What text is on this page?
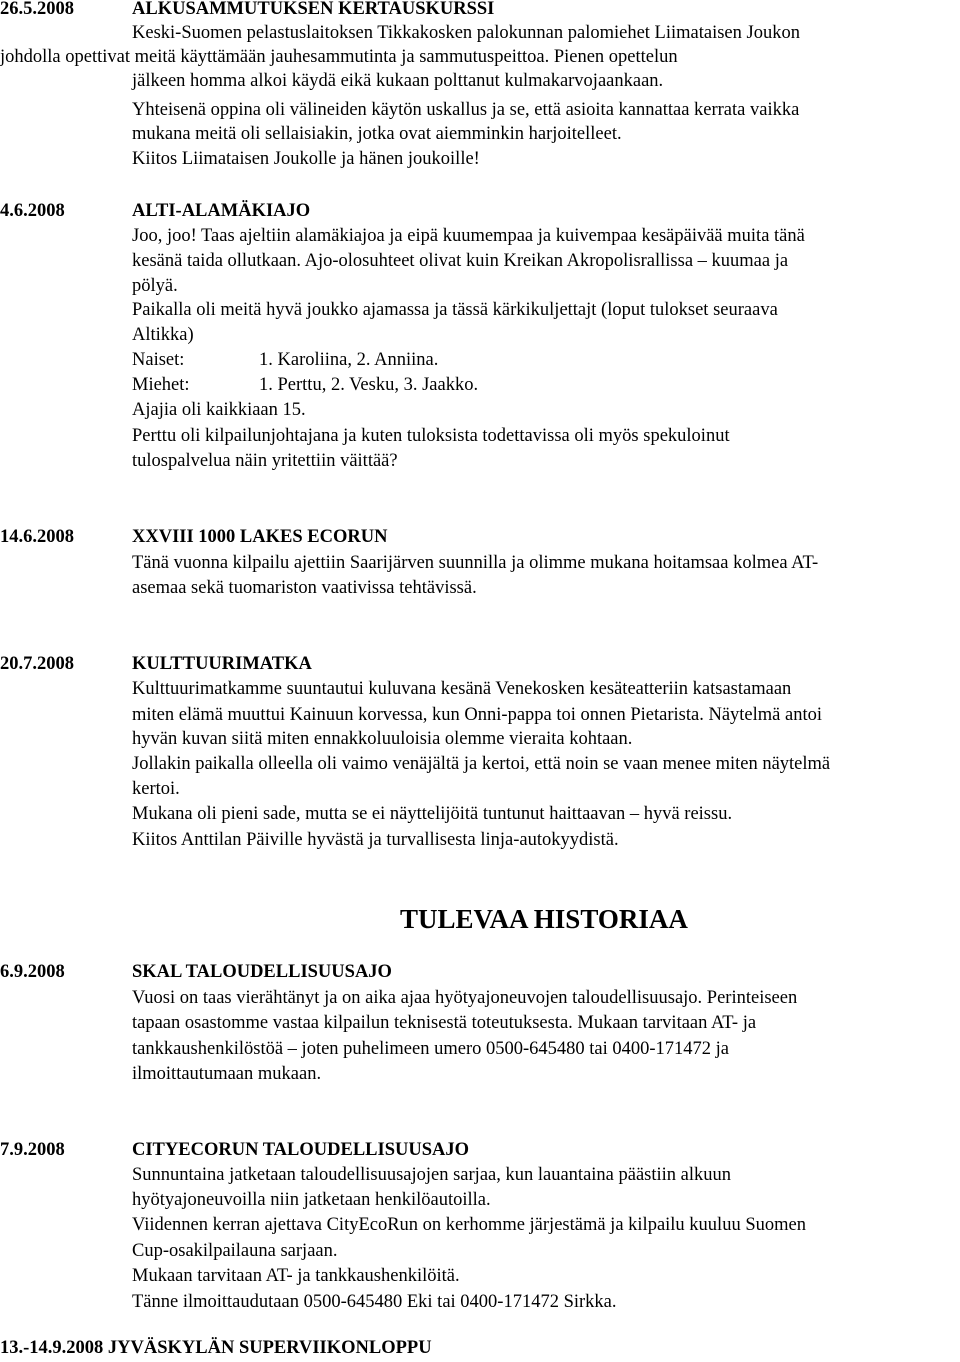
26.5.2008	ALKUSAMMUTUKSEN KERTAUSKURSSI
Keski-Suomen pelastuslaitoksen Tikkakosken palokunnan palomiehet Liimataisen Joukon
johdolla opettivat meitä käyttämään jauhesammutinta ja sammutuspeittoa. Pienen opettelun
jälkeen homma alkoi käydä eikä kukaan polttanut kulmakarvojaankaan.
Yhteisenä oppina oli välineiden käytön uskallus ja se, että asioita kannattaa kerrata vaikka
mukana meitä oli sellaisiakin, jotka ovat aiemminkin harjoitelleet.
Kiitos Liimataisen Joukolle ja hänen joukoille!
4.6.2008	ALTI-ALAMÄKIAJO
Joo, joo! Taas ajeltiin alamäkiajoa ja eipä kuumempaa ja kuivempaa kesäpäivää muita tänä
kesänä taida ollutkaan. Ajo-olosuhteet olivat kuin Kreikan Akropolisrallissa – kuumaa ja
pölyä.
Paikalla oli meitä hyvä joukko ajamassa ja tässä kärkikuljettajt (loput tulokset seuraava
Altikka)
Naiset:	1. Karoliina, 2. Anniina.
Miehet:	1. Perttu, 2. Vesku, 3. Jaakko.
Ajajia oli kaikkiaan 15.
Perttu oli kilpailunjohtajana ja kuten tuloksista todettavissa oli myös spekuloinut
tulospalvelua näin yritettiin väittää?
14.6.2008	XXVIII 1000 LAKES ECORUN
Tänä vuonna kilpailu ajettiin Saarijärven suunnilla ja olimme mukana hoitamsaa kolmea AT-
asemaa sekä tuomariston vaativissa tehtävissä.
20.7.2008	KULTTUURIMATKA
Kulttuurimatkamme suuntautui kuluvana kesänä Venekosken kesäteatteriin katsastamaan
miten elämä muuttui Kainuun korvessa, kun Onni-pappa toi onnen Pietarista. Näytelmä antoi
hyvän kuvan siitä miten ennakkoluuloisia olemme vieraita kohtaan.
Jollakin paikalla olleella oli vaimo venäjältä ja kertoi, että noin se vaan menee miten näytelmä
kertoi.
Mukana oli pieni sade, mutta se ei näyttelijöitä tuntunut haittaavan – hyvä reissu.
Kiitos Anttilan Päiville hyvästä ja turvallisesta linja-autokyydistä.
TULEVAA HISTORIAA
6.9.2008	SKAL TALOUDELLISUUSAJO
Vuosi on taas vierähtänyt ja on aika ajaa hyötyajoneuvojen taloudellisuusajo. Perinteiseen
tapaan osastomme vastaa kilpailun teknisestä toteutuksesta. Mukaan tarvitaan AT- ja
tankkaushenkilöstöä – joten puhelimeen umero 0500-645480 tai 0400-171472 ja
ilmoittautumaan mukaan.
7.9.2008	CITYECORUN TALOUDELLISUUSAJO
Sunnuntaina jatketaan taloudellisuusajojen sarjaa, kun lauantaina päästiin alkuun
hyötyajoneuvoilla niin jatketaan henkilöautoilla.
Viidennen kerran ajettava CityEcoRun on kerhomme järjestämä ja kilpailu kuuluu Suomen
Cup-osakilpailauna sarjaan.
Mukaan tarvitaan AT- ja tankkaushenkilöitä.
Tänne ilmoittaudutaan 0500-645480 Eki tai 0400-171472 Sirkka.
13.-14.9.2008 JYVÄSKYLÄN SUPERVIIKONLOPPU
